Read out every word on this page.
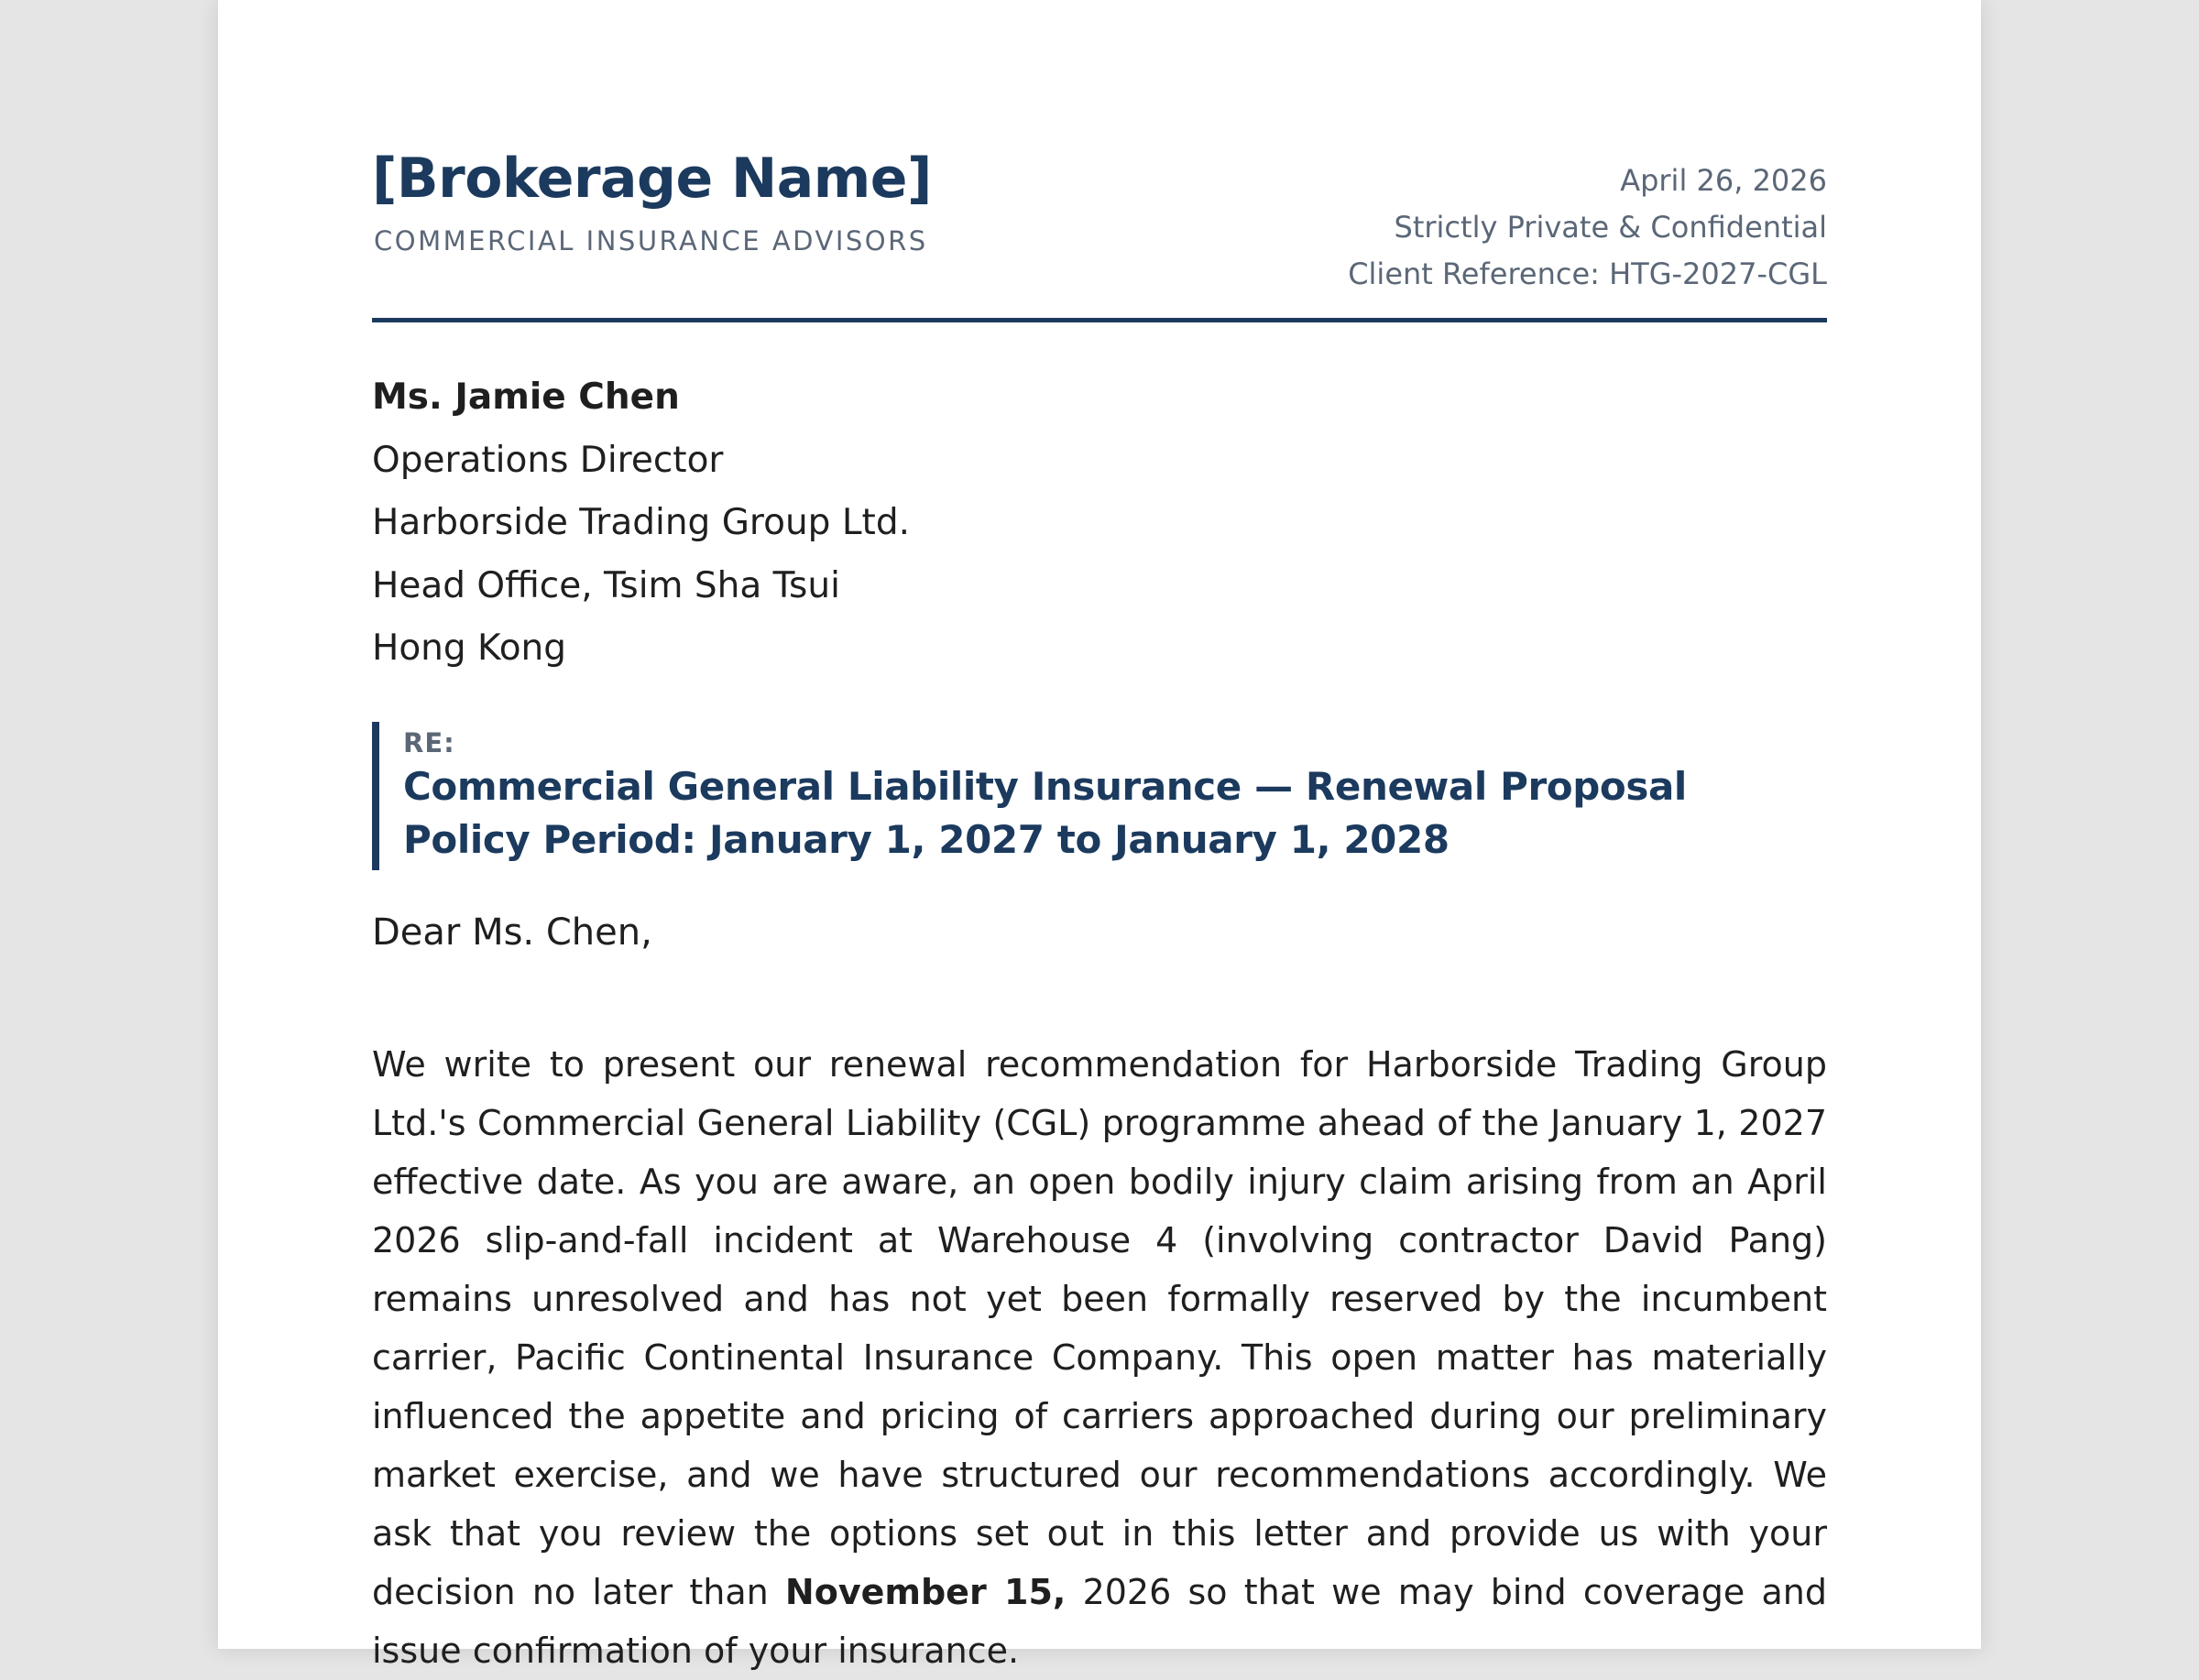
[Brokerage Name]
COMMERCIAL INSURANCE ADVISORS
April 26, 2026
Strictly Private & Confidential
Client Reference: HTG-2027-CGL
Ms. Jamie Chen
Operations Director
Harborside Trading Group Ltd.
Head Office, Tsim Sha Tsui
Hong Kong
RE:
Commercial General Liability Insurance — Renewal Proposal
Policy Period: January 1, 2027 to January 1, 2028
Dear Ms. Chen,
We write to present our renewal recommendation for Harborside Trading Group Ltd.'s Commercial General Liability (CGL) programme ahead of the January 1, 2027 effective date. As you are aware, an open bodily injury claim arising from an April 2026 slip-and-fall incident at Warehouse 4 (involving contractor David Pang) remains unresolved and has not yet been formally reserved by the incumbent carrier, Pacific Continental Insurance Company. This open matter has materially influenced the appetite and pricing of carriers approached during our preliminary market exercise, and we have structured our recommendations accordingly. We ask that you review the options set out in this letter and provide us with your decision no later than November 15, 2026 so that we may bind coverage and issue confirmation of your insurance.
